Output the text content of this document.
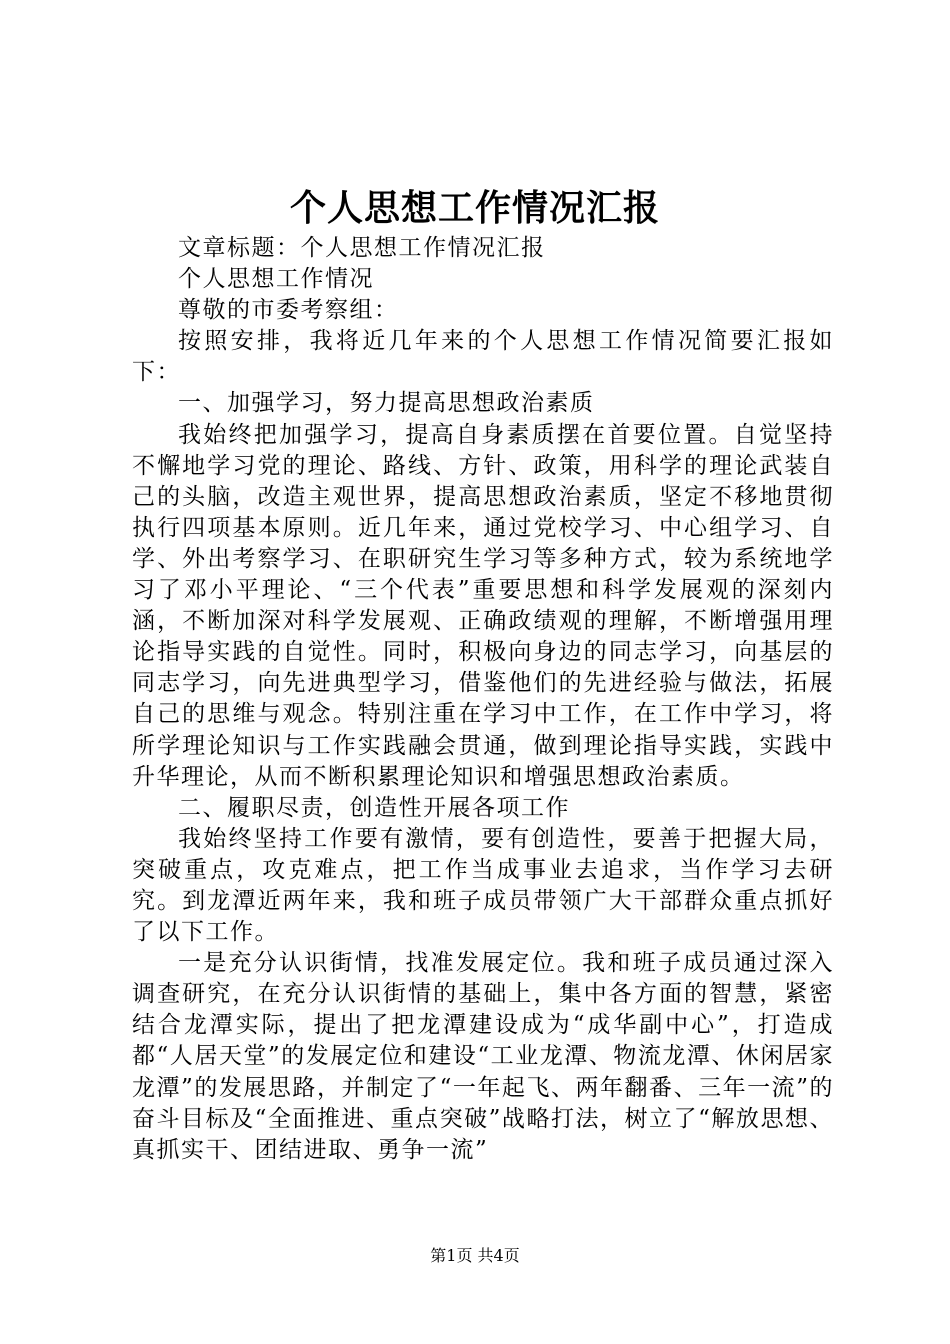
个人思想工作情况汇报

文章标题：个人思想工作情况汇报

个人思想工作情况

尊敬的市委考察组：

按照安排，我将近几年来的个人思想工作情况简要汇报如下：

一、加强学习，努力提高思想政治素质

我始终把加强学习，提高自身素质摆在首要位置。自觉坚持不懈地学习党的理论、路线、方针、政策，用科学的理论武装自己的头脑，改造主观世界，提高思想政治素质，坚定不移地贯彻执行四项基本原则。近几年来，通过党校学习、中心组学习、自学、外出考察学习、在职研究生学习等多种方式，较为系统地学习了邓小平理论、“三个代表”重要思想和科学发展观的深刻内涵，不断加深对科学发展观、正确政绩观的理解，不断增强用理论指导实践的自觉性。同时，积极向身边的同志学习，向基层的同志学习，向先进典型学习，借鉴他们的先进经验与做法，拓展自己的思维与观念。特别注重在学习中工作，在工作中学习，将所学理论知识与工作实践融会贯通，做到理论指导实践，实践中升华理论，从而不断积累理论知识和增强思想政治素质。

二、履职尽责，创造性开展各项工作

我始终坚持工作要有激情，要有创造性，要善于把握大局，突破重点，攻克难点，把工作当成事业去追求，当作学习去研究。到龙潭近两年来，我和班子成员带领广大干部群众重点抓好了以下工作。

一是充分认识街情，找准发展定位。我和班子成员通过深入调查研究，在充分认识街情的基础上，集中各方面的智慧，紧密结合龙潭实际，提出了把龙潭建设成为“成华副中心”，打造成都“人居天堂”的发展定位和建设“工业龙潭、物流龙潭、休闲居家龙潭”的发展思路，并制定了“一年起飞、两年翻番、三年一流”的奋斗目标及“全面推进、重点突破”战略打法，树立了“解放思想、真抓实干、团结进取、勇争一流”

第1页 共4页
